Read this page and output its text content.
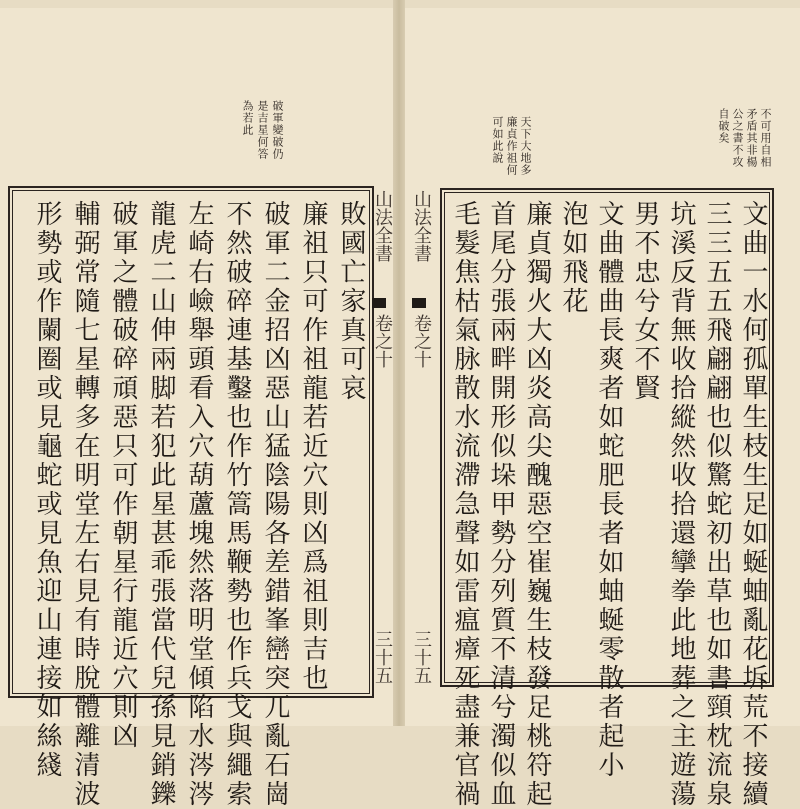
破軍變破仍
是吉星何答
為若此
敗國亡家真可哀
廉祖只可作祖龍若近穴則凶爲祖則吉也
破軍二金招凶惡山猛陰陽各差錯峯巒突兀亂石崗
不然破碎連基鑿也作竹篙馬鞭勢也作兵戈與繩索
左崎右嶮舉頭看入穴葫蘆塊然落明堂傾陷水涔涔
龍虎二山伸兩脚若犯此星甚乖張當代兒孫見銷鑠
破軍之體破碎頑惡只可作朝星行龍近穴則凶
輔弼常隨七星轉多在明堂左右見有時脫體離清波
形勢或作闌圈或見龜蛇或見魚迎山連接如絲綫	山法全書
卷之十
三十五
不可用自相
矛盾其非楊
公之書不攻
自破矣
天下大地多
廉貞作祖何
可如此說
文曲一水何孤單生枝生足如蜒蚰亂花坼荒不接續
三三五五飛翩翩也似驚蛇初出草也如書頸枕流泉
坑溪反背無收拾縱然收拾還攣拳此地葬之主遊蕩
男不忠兮女不賢
文曲體曲長爽者如蛇肥長者如蚰蜒零散者起小
泡如飛花
廉貞獨火大凶炎高尖醜惡空崔巍生枝發足桃符起
首尾分張兩畔開形似垛甲勢分列質不清兮濁似血
毛髮焦枯氣脉散水流滯急聲如雷瘟瘴死盡兼官禍
山法全書
卷之十
三十五
